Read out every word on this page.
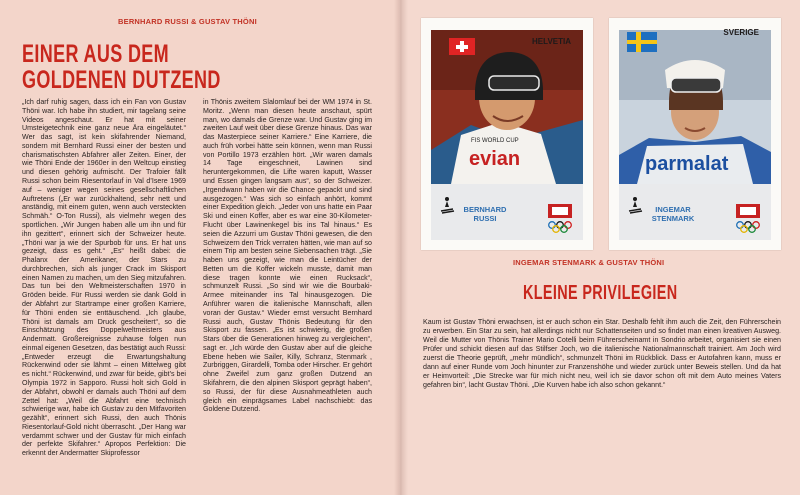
BERNHARD RUSSI & GUSTAV THÖNI
EINER AUS DEM
GOLDENEN DUTZEND
„Ich darf ruhig sagen, dass ich ein Fan von Gustav Thöni war. Ich habe ihn studiert, mir tagelang seine Videos angeschaut. Er hat mit seiner Umsteigetechnik eine ganz neue Ära eingeläutet.“ Wer das sagt, ist kein skifahrender Niemand, sondern mit Bernhard Russi einer der besten und charismatischsten Abfahrer aller Zeiten. Einer, der wie Thöni Ende der 1960er in den Weltcup einstieg und diesen gehörig aufmischt. Der Trafoier fällt Russi schon beim Riesentorlauf in Val d’Isere 1969 auf – weniger wegen seines gesellschaftlichen Auftretens („Er war zurückhaltend, sehr nett und anständig, mit einem guten, wenn auch versteckten Schmäh.“ O-Ton Russi), als vielmehr wegen des sportlichen. „Wir Jungen haben alle um ihn und für ihn gezittert“, erinnert sich der Schweizer heute. „Thöni war ja wie der Spurbob für uns. Er hat uns gezeigt, dass es geht.“ „Es“ heißt dabei: die Phalanx der Amerikaner, der Stars zu durchbrechen, sich als junger Crack im Skisport einen Namen zu machen, um den Sieg mitzufahren. Das tun bei den Weltmeisterschaften 1970 in Gröden beide. Für Russi werden sie dank Gold in der Abfahrt zur Startrampe einer großen Karriere, für Thöni enden sie enttäuschend. „Ich glaube, Thöni ist damals am Druck gescheitert“, so die Einschätzung des Doppelweltmeisters aus Andermatt. Großereignisse zuhause folgen nun einmal eigenen Gesetzen, das bestätigt auch Russi: „Entweder erzeugt die Erwartungshaltung Rückenwind oder sie lähmt – einen Mittelweg gibt es nicht.“ Rückenwind, und zwar für beide, gibt’s bei Olympia 1972 in Sapporo. Russi holt sich Gold in der Abfahrt, obwohl er damals auch Thöni auf dem Zettel hat: „Weil die Abfahrt eine technisch schwierige war, habe ich Gustav zu den Mitfavoriten gezählt“, erinnert sich Russi, den auch Thönis Riesentorlauf-Gold nicht überrascht. „Der Hang war verdammt schwer und der Gustav für mich einfach der perfekte Skifahrer.“ Apropos Perfektion: Die erkennt der Andermatter Skiprofessor
in Thönis zweitem Slalomlauf bei der WM 1974 in St. Moritz. „Wenn man diesen heute anschaut, spürt man, wo damals die Grenze war. Und Gustav ging im zweiten Lauf weit über diese Grenze hinaus. Das war das Masterpiece seiner Karriere.“ Eine Karriere, die auch früh vorbei hätte sein können, wenn man Russi von Portillo 1973 erzählen hört. „Wir waren damals 14 Tage eingeschneit, Lawinen sind heruntergekommen, die Lifte waren kaputt, Wasser und Essen gingen langsam aus“, so der Schweizer. „Irgendwann haben wir die Chance gepackt und sind ausgezogen.“ Was sich so einfach anhört, kommt einer Expedition gleich. „Jeder von uns hatte ein Paar Ski und einen Koffer, aber es war eine 30-Kilometer-Flucht über Lawinenkegel bis ins Tal hinaus.“ Es seien die Azzurri um Gustav Thöni gewesen, die den Schweizern den Trick verraten hätten, wie man auf so einem Trip am besten seine Siebensachen trägt. „Sie haben uns gezeigt, wie man die Leintücher der Betten um die Koffer wickeln musste, damit man diese tragen konnte wie einen Rucksack“, schmunzelt Russi. „So sind wir wie die Bourbaki-Armee miteinander ins Tal hinausgezogen. Die Anführer waren die italienische Mannschaft, allen voran der Gustav.“ Wieder ernst versucht Bernhard Russi auch, Gustav Thönis Bedeutung für den Skisport zu fassen. „Es ist schwierig, die großen Stars über die Generationen hinweg zu vergleichen“, sagt er. „Ich würde den Gustav aber auf die gleiche Ebene heben wie Sailer, Killy, Schranz, Stenmark , Zurbriggen, Girardelli, Tomba oder Hirscher. Er gehört ohne Zweifel zum ganz großen Dutzend an Skifahrern, die den alpinen Skisport geprägt haben“, so Russi, der für diese Ausnahmeathleten auch gleich ein einprägsames Label nachschiebt: das Goldene Dutzend.
evian
FIS WORLD CUP
HELVETIA
BERNHARD
RUSSI
parmalat
SVERIGE
INGEMAR
STENMARK
INGEMAR STENMARK & GUSTAV THÖNI
KLEINE PRIVILEGIEN
Kaum ist Gustav Thöni erwachsen, ist er auch schon ein Star. Deshalb fehlt ihm auch die Zeit, den Führerschein zu erwerben. Ein Star zu sein, hat allerdings nicht nur Schattenseiten und so findet man einen kreativen Ausweg. Weil die Mutter von Thönis Trainer Mario Cotelli beim Führerscheinamt in Sondrio arbeitet, organisiert sie einen Prüfer und schickt diesen auf das Stilfser Joch, wo die italienische Nationalmannschaft trainiert. Am Joch wird zuerst die Theorie geprüft, „mehr mündlich“, schmunzelt Thöni im Rückblick. Dass er Autofahren kann, muss er dann auf einer Runde vom Joch hinunter zur Franzenshöhe und wieder zurück unter Beweis stellen. Und da hat er Heimvorteil: „Die Strecke war für mich nicht neu, weil ich sie davor schon oft mit dem Auto meines Vaters gefahren bin“, lacht Gustav Thöni. „Die Kurven habe ich also schon gekannt.“
